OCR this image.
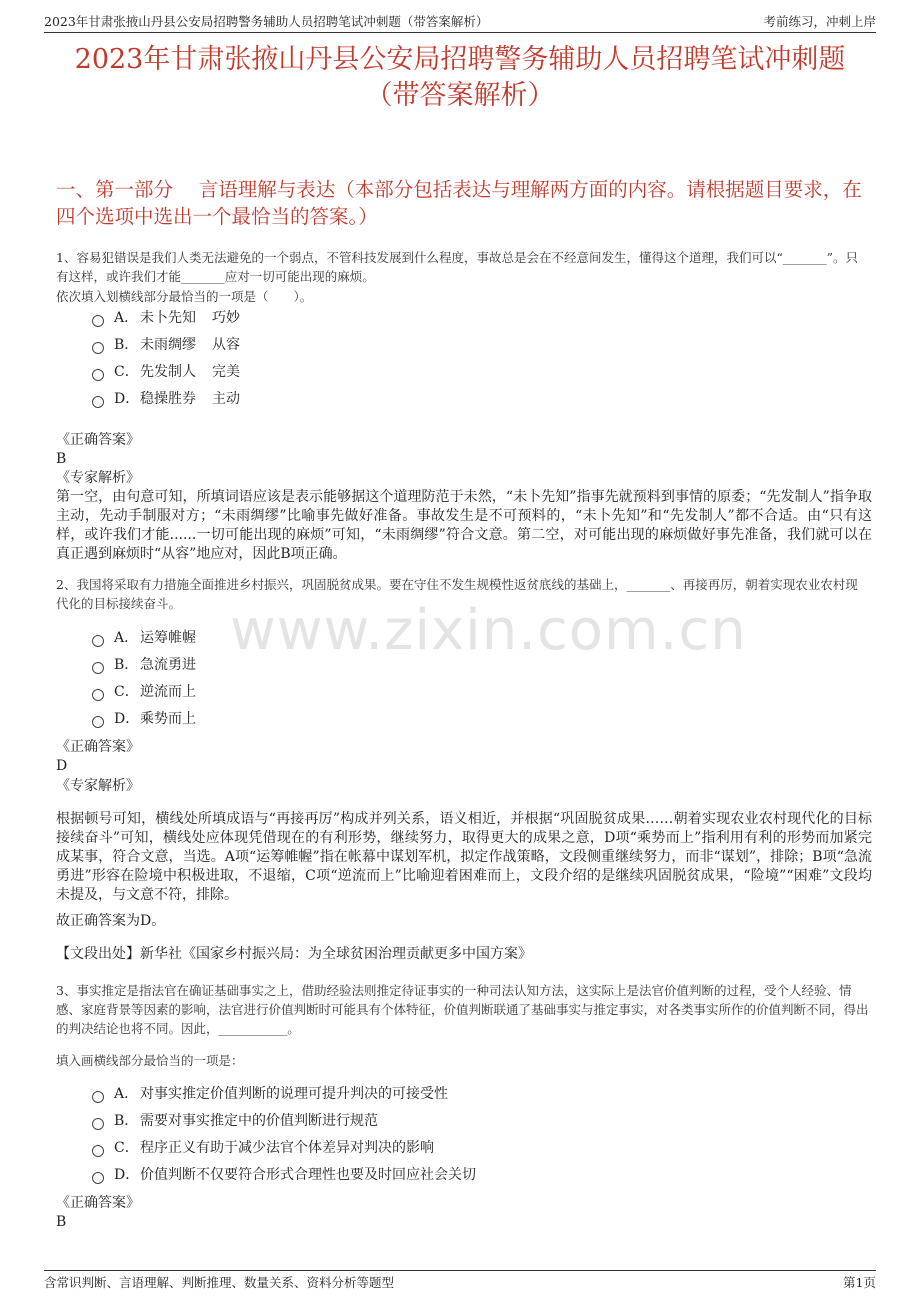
2023年甘肃张掖山丹县公安局招聘警务辅助人员招聘笔试冲刺题（带答案解析）	考前练习，冲刺上岸
2023年甘肃张掖山丹县公安局招聘警务辅助人员招聘笔试冲刺题（带答案解析）
一、第一部分　 言语理解与表达（本部分包括表达与理解两方面的内容。请根据题目要求，在四个选项中选出一个最恰当的答案。）
www.zixin.com.cn
1、容易犯错误是我们人类无法避免的一个弱点，不管科技发展到什么程度，事故总是会在不经意间发生，懂得这个道理，我们可以“_______”。只有这样，或许我们才能_______应对一切可能出现的麻烦。
依次填入划横线部分最恰当的一项是（　　）。
A． 未卜先知 巧妙
B． 未雨绸缪 从容
C．先发制人 完美
D．稳操胜券 主动
《正确答案》
B
《专家解析》
第一空，由句意可知，所填词语应该是表示能够据这个道理防范于未然，“未卜先知”指事先就预料到事情的原委；“先发制人”指争取主动，先动手制服对方；“未雨绸缪”比喻事先做好准备。事故发生是不可预料的，“未卜先知”和“先发制人”都不合适。由“只有这样，或许我们才能......一切可能出现的麻烦”可知，“未雨绸缪”符合文意。第二空，对可能出现的麻烦做好事先准备，我们就可以在真正遇到麻烦时“从容”地应对，因此B项正确。
2、我国将采取有力措施全面推进乡村振兴，巩固脱贫成果。要在守住不发生规模性返贫底线的基础上，_______、再接再厉，朝着实现农业农村现代化的目标接续奋斗。
A． 运筹帷幄
B． 急流勇进
C．逆流而上
D．乘势而上
《正确答案》
D
《专家解析》
根据顿号可知，横线处所填成语与“再接再厉”构成并列关系，语义相近，并根据“巩固脱贫成果……朝着实现农业农村现代化的目标接续奋斗”可知，横线处应体现凭借现在的有利形势，继续努力，取得更大的成果之意，D项“乘势而上”指利用有利的形势而加紧完成某事，符合文意，当选。A项“运筹帷幄”指在帐幕中谋划军机，拟定作战策略，文段侧重继续努力，而非“谋划”，排除；B项“急流勇进”形容在险境中积极进取，不退缩，C项“逆流而上”比喻迎着困难而上，文段介绍的是继续巩固脱贫成果，“险境”“困难”文段均未提及，与文意不符，排除。
故正确答案为D。
【文段出处】新华社《国家乡村振兴局：为全球贫困治理贡献更多中国方案》
3、事实推定是指法官在确证基础事实之上，借助经验法则推定待证事实的一种司法认知方法，这实际上是法官价值判断的过程，受个人经验、情感、家庭背景等因素的影响，法官进行价值判断时可能具有个体特征，价值判断联通了基础事实与推定事实，对各类事实所作的价值判断不同，得出的判决结论也将不同。因此，___________。
填入画横线部分最恰当的一项是：
A． 对事实推定价值判断的说理可提升判决的可接受性
B． 需要对事实推定中的价值判断进行规范
C．程序正义有助于减少法官个体差异对判决的影响
D．价值判断不仅要符合形式合理性也要及时回应社会关切
《正确答案》
B
含常识判断、言语理解、判断推理、数量关系、资料分析等题型	第1页
